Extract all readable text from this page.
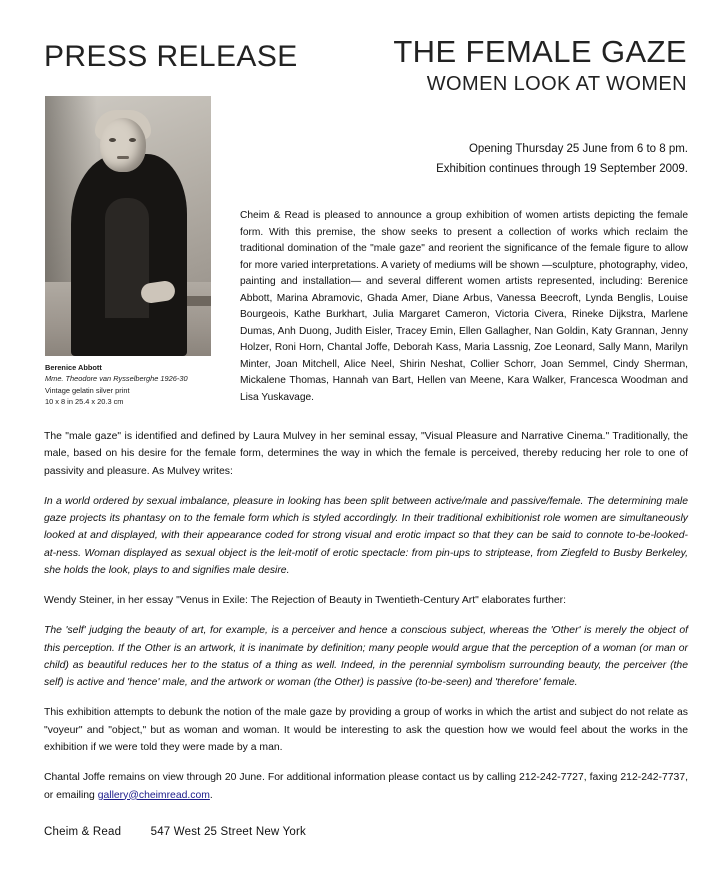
PRESS RELEASE	THE FEMALE GAZE
WOMEN LOOK AT WOMEN
Berenice Abbott
Mme. Theodore van Rysselberghe 1926-30
Vintage gelatin silver print
10 x 8 in 25.4 x 20.3 cm
Opening Thursday 25 June from 6 to 8 pm.
Exhibition continues through 19 September 2009.
Cheim & Read is pleased to announce a group exhibition of women artists depicting the female form. With this premise, the show seeks to present a collection of works which reclaim the traditional domination of the "male gaze" and reorient the significance of the female figure to allow for more varied interpretations. A variety of mediums will be shown —sculpture, photography, video, painting and installation— and several different women artists represented, including: Berenice Abbott, Marina Abramovic, Ghada Amer, Diane Arbus, Vanessa Beecroft, Lynda Benglis, Louise Bourgeois, Kathe Burkhart, Julia Margaret Cameron, Victoria Civera, Rineke Dijkstra, Marlene Dumas, Anh Duong, Judith Eisler, Tracey Emin, Ellen Gallagher, Nan Goldin, Katy Grannan, Jenny Holzer, Roni Horn, Chantal Joffe, Deborah Kass, Maria Lassnig, Zoe Leonard, Sally Mann, Marilyn Minter, Joan Mitchell, Alice Neel, Shirin Neshat, Collier Schorr, Joan Semmel, Cindy Sherman, Mickalene Thomas, Hannah van Bart, Hellen van Meene, Kara Walker, Francesca Woodman and Lisa Yuskavage.

The "male gaze" is identified and defined by Laura Mulvey in her seminal essay, "Visual Pleasure and Narrative Cinema." Traditionally, the male, based on his desire for the female form, determines the way in which the female is perceived, thereby reducing her role to one of passivity and pleasure. As Mulvey writes:

In a world ordered by sexual imbalance, pleasure in looking has been split between active/male and passive/female. The determining male gaze projects its phantasy on to the female form which is styled accordingly. In their traditional exhibitionist role women are simultaneously looked at and displayed, with their appearance coded for strong visual and erotic impact so that they can be said to connote to-be-looked-at-ness. Woman displayed as sexual object is the leit-motif of erotic spectacle: from pin-ups to striptease, from Ziegfeld to Busby Berkeley, she holds the look, plays to and signifies male desire.

Wendy Steiner, in her essay "Venus in Exile: The Rejection of Beauty in Twentieth-Century Art" elaborates further:

The 'self' judging the beauty of art, for example, is a perceiver and hence a conscious subject, whereas the 'Other' is merely the object of this perception. If the Other is an artwork, it is inanimate by definition; many people would argue that the perception of a woman (or man or child) as beautiful reduces her to the status of a thing as well. Indeed, in the perennial symbolism surrounding beauty, the perceiver (the self) is active and 'hence' male, and the artwork or woman (the Other) is passive (to-be-seen) and 'therefore' female.

This exhibition attempts to debunk the notion of the male gaze by providing a group of works in which the artist and subject do not relate as "voyeur" and "object," but as woman and woman. It would be interesting to ask the question how we would feel about the works in the exhibition if we were told they were made by a man.

Chantal Joffe remains on view through 20 June. For additional information please contact us by calling 212-242-7727, faxing 212-242-7737, or emailing gallery@cheimread.com.

Cheim & Read	547 West 25 Street New York
